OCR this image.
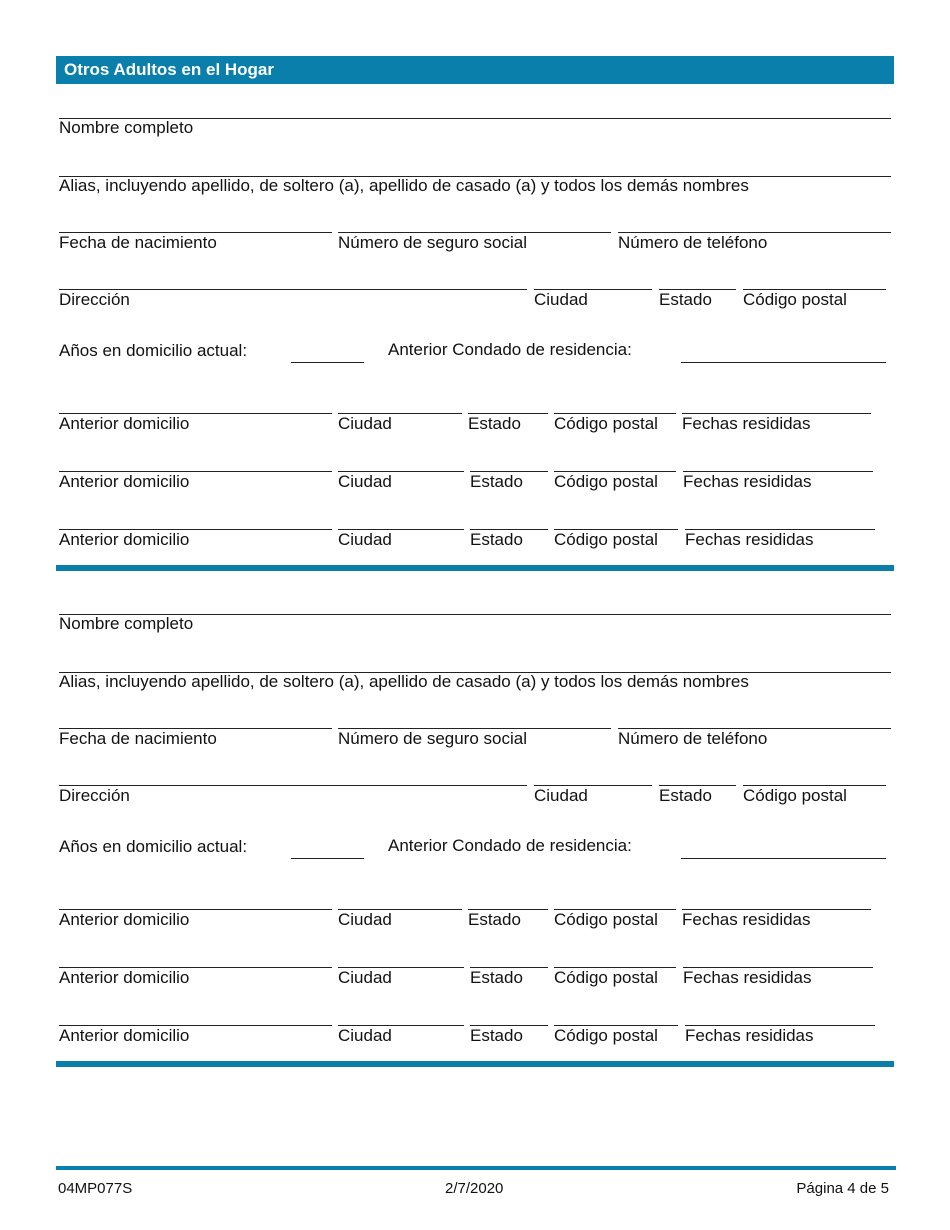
Otros Adultos en el Hogar
Nombre completo
Alias, incluyendo apellido, de soltero (a), apellido de casado (a) y todos los demás nombres
Fecha de nacimiento	Número de seguro social	Número de teléfono
Dirección	Ciudad	Estado Código postal
Años en domicilio actual:	Anterior Condado de residencia:
Anterior domicilio	Ciudad	Estado Código postal Fechas resididas
Anterior domicilio	Ciudad	Estado Código postal Fechas resididas
Anterior domicilio	Ciudad	Estado Código postal Fechas resididas
Nombre completo
Alias, incluyendo apellido, de soltero (a), apellido de casado (a) y todos los demás nombres
Fecha de nacimiento	Número de seguro social	Número de teléfono
Dirección	Ciudad	Estado Código postal
Años en domicilio actual:	Anterior Condado de residencia:
Anterior domicilio	Ciudad	Estado Código postal Fechas resididas
Anterior domicilio	Ciudad	Estado Código postal Fechas resididas
Anterior domicilio	Ciudad	Estado Código postal Fechas resididas
04MP077S	2/7/2020	Página 4 de 5
